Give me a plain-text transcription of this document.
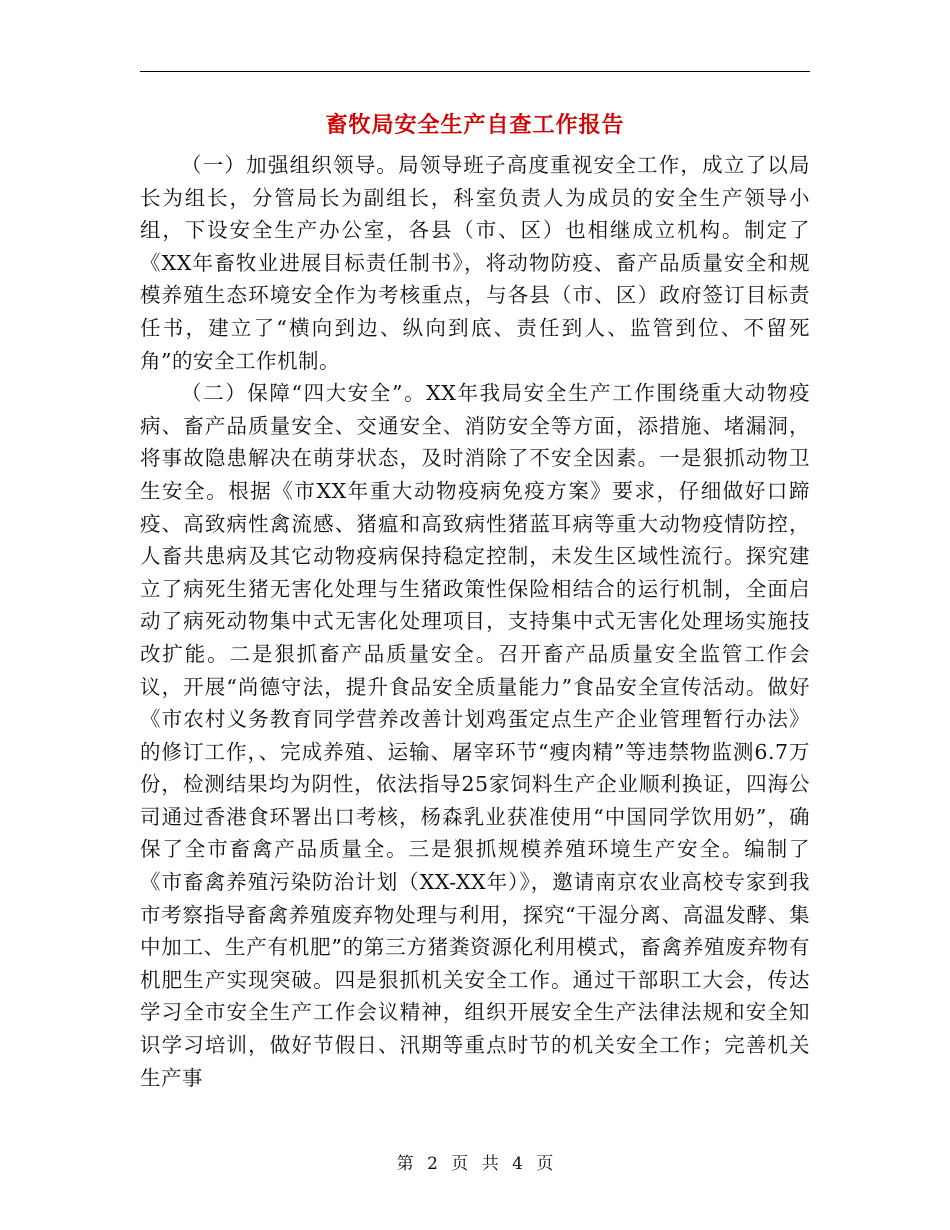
畜牧局安全生产自查工作报告

（一）加强组织领导。局领导班子高度重视安全工作，成立了以局长为组长，分管局长为副组长，科室负责人为成员的安全生产领导小组，下设安全生产办公室，各县（市、区）也相继成立机构。制定了《XX年畜牧业进展目标责任制书》，将动物防疫、畜产品质量安全和规模养殖生态环境安全作为考核重点，与各县（市、区）政府签订目标责任书，建立了“横向到边、纵向到底、责任到人、监管到位、不留死角”的安全工作机制。

（二）保障“四大安全”。XX年我局安全生产工作围绕重大动物疫病、畜产品质量安全、交通安全、消防安全等方面，添措施、堵漏洞，将事故隐患解决在萌芽状态，及时消除了不安全因素。一是狠抓动物卫生安全。根据《市XX年重大动物疫病免疫方案》要求，仔细做好口蹄疫、高致病性禽流感、猪瘟和高致病性猪蓝耳病等重大动物疫情防控，人畜共患病及其它动物疫病保持稳定控制，未发生区域性流行。探究建立了病死生猪无害化处理与生猪政策性保险相结合的运行机制，全面启动了病死动物集中式无害化处理项目，支持集中式无害化处理场实施技改扩能。二是狠抓畜产品质量安全。召开畜产品质量安全监管工作会议，开展“尚德守法，提升食品安全质量能力”食品安全宣传活动。做好《市农村义务教育同学营养改善计划鸡蛋定点生产企业管理暂行办法》的修订工作，、完成养殖、运输、屠宰环节“瘦肉精”等违禁物监测6.7万份，检测结果均为阴性，依法指导25家饲料生产企业顺利换证，四海公司通过香港食环署出口考核，杨森乳业获准使用“中国同学饮用奶”，确保了全市畜禽产品质量全。三是狠抓规模养殖环境生产安全。编制了《市畜禽养殖污染防治计划（XX-XX年）》，邀请南京农业高校专家到我市考察指导畜禽养殖废弃物处理与利用，探究“干湿分离、高温发酵、集中加工、生产有机肥”的第三方猪粪资源化利用模式，畜禽养殖废弃物有机肥生产实现突破。四是狠抓机关安全工作。通过干部职工大会，传达学习全市安全生产工作会议精神，组织开展安全生产法律法规和安全知识学习培训，做好节假日、汛期等重点时节的机关安全工作；完善机关生产事

第 2 页 共 4 页
